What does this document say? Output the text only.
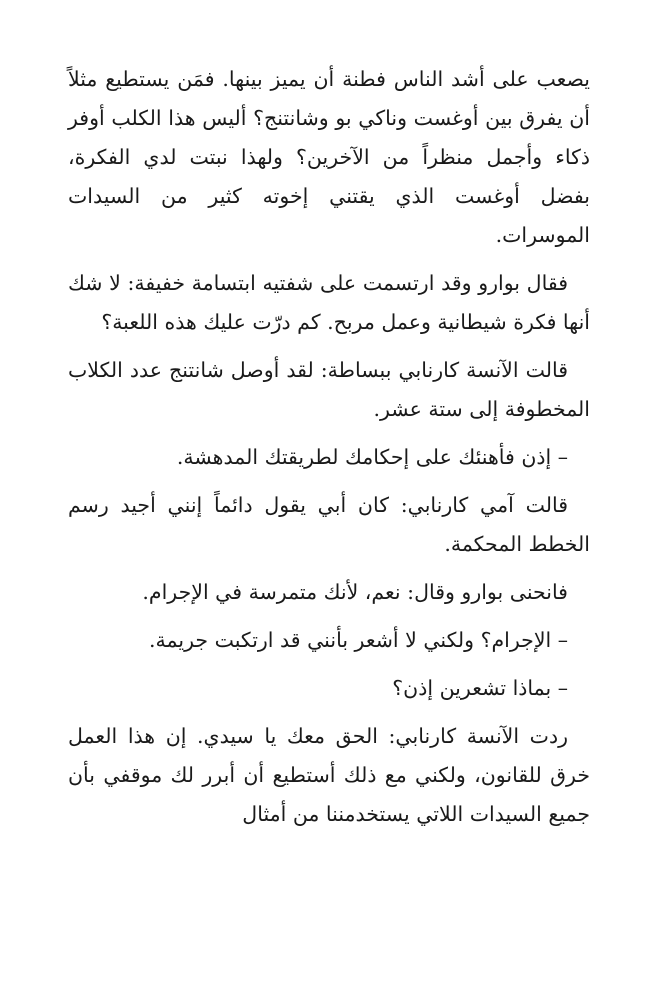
يصعب على أشد الناس فطنة أن يميز بينها. فمَن يستطيع مثلاً أن يفرق بين أوغست وناكي بو وشانتنج؟ أليس هذا الكلب أوفر ذكاء وأجمل منظراً من الآخرين؟ ولهذا نبتت لدي الفكرة، بفضل أوغست الذي يقتني إخوته كثير من السيدات الموسرات.

فقال بوارو وقد ارتسمت على شفتيه ابتسامة خفيفة: لا شك أنها فكرة شيطانية وعمل مربح. كم درّت عليك هذه اللعبة؟

قالت الآنسة كارنابي ببساطة: لقد أوصل شانتنج عدد الكلاب المخطوفة إلى ستة عشر.

– إذن فأهنئك على إحكامك لطريقتك المدهشة.

قالت آمي كارنابي: كان أبي يقول دائماً إنني أجيد رسم الخطط المحكمة.

فانحنى بوارو وقال: نعم، لأنك متمرسة في الإجرام.

– الإجرام؟ ولكني لا أشعر بأنني قد ارتكبت جريمة.

– بماذا تشعرين إذن؟

ردت الآنسة كارنابي: الحق معك يا سيدي. إن هذا العمل خرق للقانون، ولكني مع ذلك أستطيع أن أبرر لك موقفي بأن جميع السيدات اللاتي يستخدمننا من أمثال
